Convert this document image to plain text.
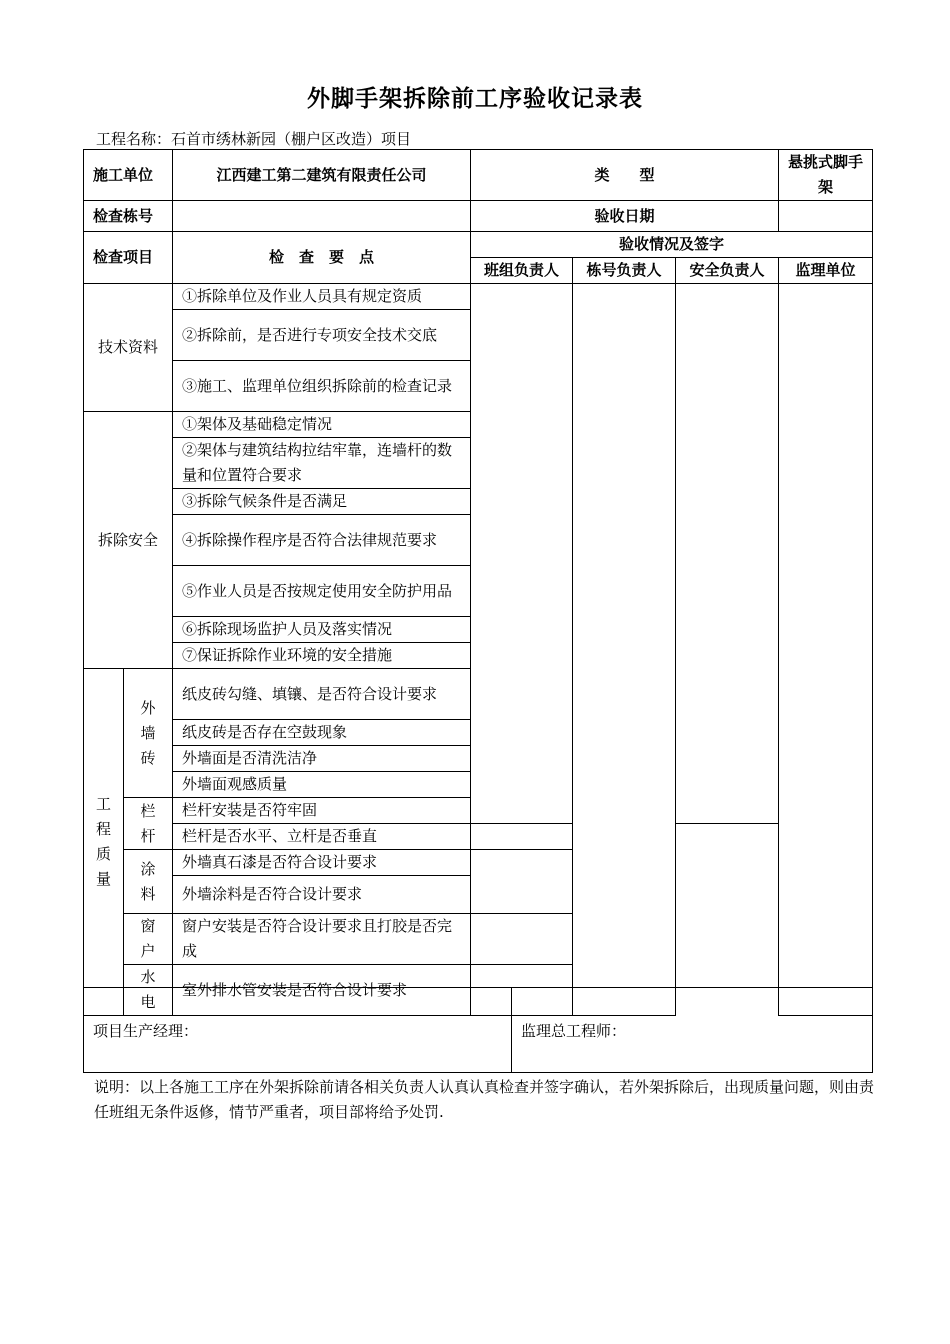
外脚手架拆除前工序验收记录表
工程名称：石首市绣林新园（棚户区改造）项目
施工单位		江西建工第二建筑有限责任公司	类　　型			悬挑式脚手架	
检查栋号			验收日期				
检查项目		检　查　要　点	验收情况及签字				
			班组负责人	栋号负责人	安全负责人	监理单位	
技术资料		①拆除单位及作业人员具有规定资质					
		②拆除前，是否进行专项安全技术交底					
		③施工、监理单位组织拆除前的检查记录					
拆除安全		①架体及基础稳定情况					
		②架体与建筑结构拉结牢靠，连墙杆的数量和位置符合要求					
		③拆除气候条件是否满足					
		④拆除操作程序是否符合法律规范要求					
		⑤作业人员是否按规定使用安全防护用品					
		⑥拆除现场监护人员及落实情况					
		⑦保证拆除作业环境的安全措施					
工程质量	外墙砖	纸皮砖勾缝、填镶、是否符合设计要求					
		纸皮砖是否存在空鼓现象					
		外墙面是否清洗洁净					
		外墙面观感质量					
	栏杆	栏杆安装是否符牢固					
		栏杆是否水平、立杆是否垂直					
	涂料	外墙真石漆是否符合设计要求					
		外墙涂料是否符合设计要求					
	窗户	窗户安装是否符合设计要求且打胶是否完成					
	水电	室外排水管安装是否符合设计要求					
项目生产经理：	监理总工程师：
说明：以上各施工工序在外架拆除前请各相关负责人认真认真检查并签字确认，若外架拆除后，出现质量问题，则由责任班组无条件返修，情节严重者，项目部将给予处罚.
